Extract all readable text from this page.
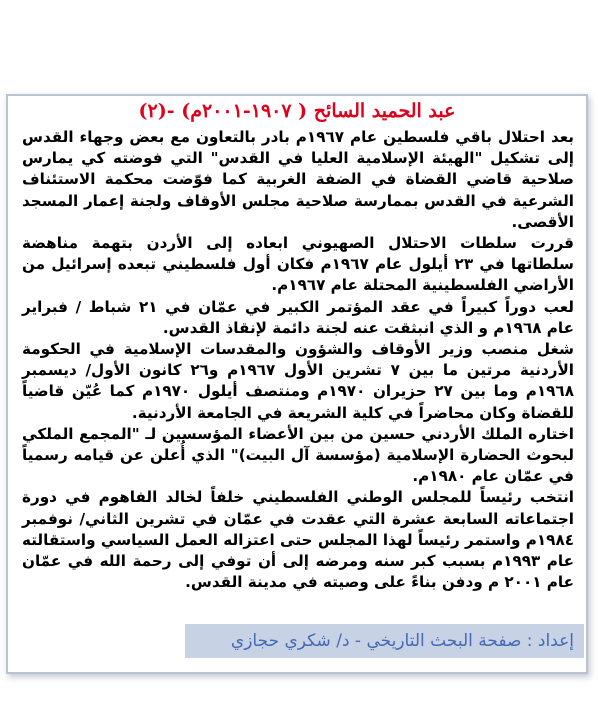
عبد الحميد السائح ( ١٩٠٧-٢٠٠١م) -(٢)

بعد احتلال باقي فلسطين عام ١٩٦٧م بادر بالتعاون مع بعض وجهاء القدس إلى تشكيل "الهيئة الإسلامية العليا في القدس" التي فوضته كي يمارس صلاحية قاضي القضاة في الضفة الغربية كما فوّضت محكمة الاستئناف الشرعية في القدس بممارسة صلاحية مجلس الأوقاف ولجنة إعمار المسجد الأقصى.

قررت سلطات الاحتلال الصهيوني ابعاده إلى الأردن بتهمة مناهضة سلطاتها في ٢٣ أيلول عام ١٩٦٧م فكان أول فلسطيني تبعده إسرائيل من الأراضي الفلسطينية المحتلة عام ١٩٦٧م.

لعب دوراً كبيراً في عقد المؤتمر الكبير في عمّان في ٢١ شباط / فبراير عام ١٩٦٨م و الذي انبثقت عنه لجنة دائمة لإنقاذ القدس.

شغل منصب وزير الأوقاف والشؤون والمقدسات الإسلامية في الحكومة الأردنية مرتين ما بين ٧ تشرين الأول ١٩٦٧م و٢٦ كانون الأول/ ديسمبر ١٩٦٨م وما بين ٢٧ حزيران ١٩٧٠م ومنتصف أيلول ١٩٧٠م كما عُيّن قاضياً للقضاة وكان محاضراً في كلية الشريعة في الجامعة الأردنية.

اختاره الملك الأردني حسين من بين الأعضاء المؤسسين لـ "المجمع الملكي لبحوث الحضارة الإسلامية (مؤسسة آل البيت)" الذي أُعلن عن قيامه رسمياً في عمّان عام ١٩٨٠م.

انتخب رئيساً للمجلس الوطني الفلسطيني خلفاً لخالد الفاهوم في دورة اجتماعاته السابعة عشرة التي عقدت في عمّان في تشرين الثاني/ نوفمبر ١٩٨٤م واستمر رئيساً لهذا المجلس حتى اعتزاله العمل السياسي واستقالته عام ١٩٩٣م بسبب كبر سنه ومرضه إلى أن توفي إلى رحمة الله في عمّان عام ٢٠٠١ م ودفن بناءً على وصيته في مدينة القدس.

إعداد : صفحة البحث التاريخي - د/ شكري حجازي
